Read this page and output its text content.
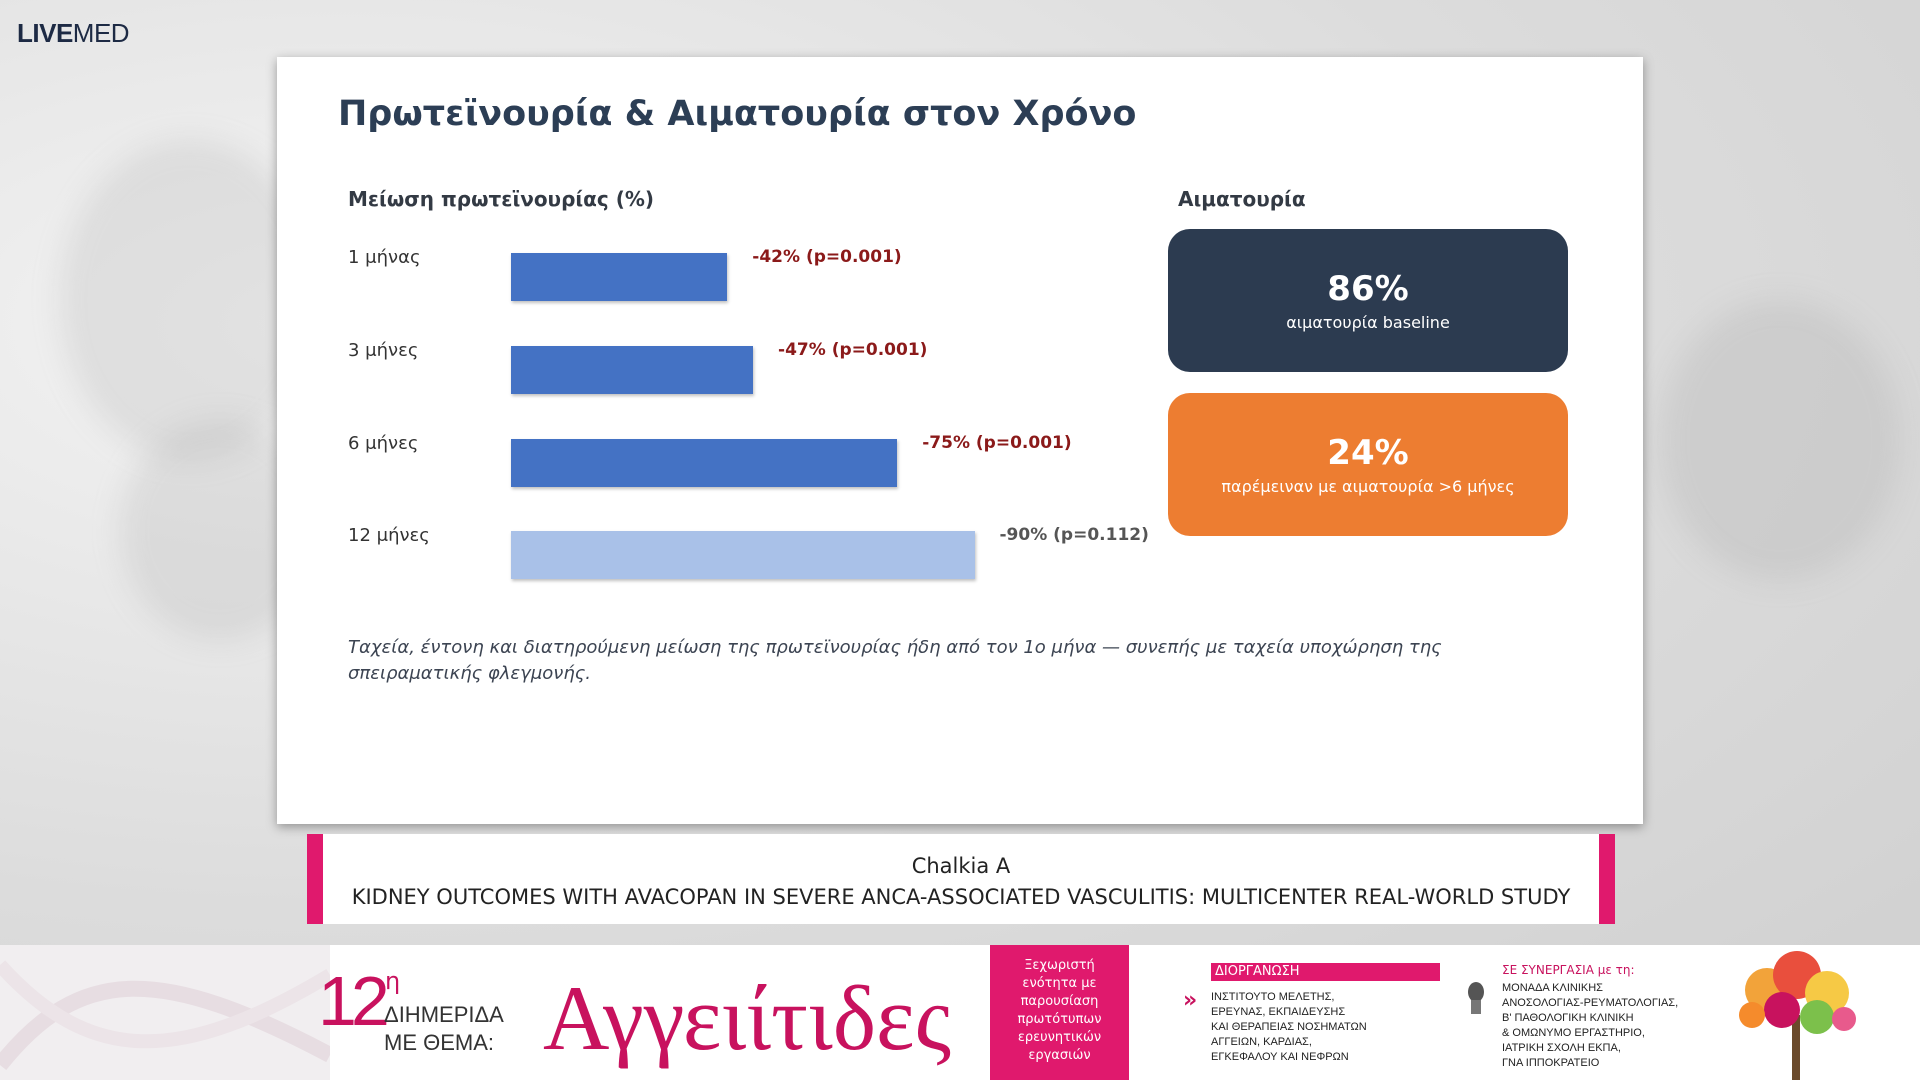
LIVEMED
Πρωτεϊνουρία & Αιματουρία στον Χρόνο
Μείωση πρωτεϊνουρίας (%)	Αιματουρία
1 μήνας	-42% (p=0.001)
3 μήνες	-47% (p=0.001)
6 μήνες	-75% (p=0.001)
12 μήνες	-90% (p=0.112)
86%
αιματουρία baseline
24%
παρέμειναν με αιματουρία >6 μήνες
Ταχεία, έντονη και διατηρούμενη μείωση της πρωτεϊνουρίας ήδη από τον 1ο μήνα — συνεπής με ταχεία υποχώρηση της σπειραματικής φλεγμονής.
Chalkia A
KIDNEY OUTCOMES WITH AVACOPAN IN SEVERE ANCA-ASSOCIATED VASCULITIS: MULTICENTER REAL-WORLD STUDY
12 η
ΔΙΗΜΕΡΙΔΑ
ΜΕ ΘΕΜΑ: Αγγειίτιδες
Ξεχωριστή
ενότητα με
παρουσίαση
πρωτότυπων
ερευνητικών
εργασιών
»
ΔΙΟΡΓΑΝΩΣΗ
ΙΝΣΤΙΤΟΥΤΟ ΜΕΛΕΤΗΣ,
ΕΡΕΥΝΑΣ, ΕΚΠΑΙΔΕΥΣΗΣ
ΚΑΙ ΘΕΡΑΠΕΙΑΣ ΝΟΣΗΜΑΤΩΝ
ΑΓΓΕΙΩΝ, ΚΑΡΔΙΑΣ,
ΕΓΚΕΦΑΛΟΥ ΚΑΙ ΝΕΦΡΩΝ
ΣΕ ΣΥΝΕΡΓΑΣΙΑ με τη:
ΜΟΝΑΔΑ ΚΛΙΝΙΚΗΣ
ΑΝΟΣΟΛΟΓΙΑΣ-ΡΕΥΜΑΤΟΛΟΓΙΑΣ,
Β' ΠΑΘΟΛΟΓΙΚΗ ΚΛΙΝΙΚΗ
& ΟΜΩΝΥΜΟ ΕΡΓΑΣΤΗΡΙΟ,
ΙΑΤΡΙΚΗ ΣΧΟΛΗ ΕΚΠΑ,
ΓΝΑ ΙΠΠΟΚΡΑΤΕΙΟ
